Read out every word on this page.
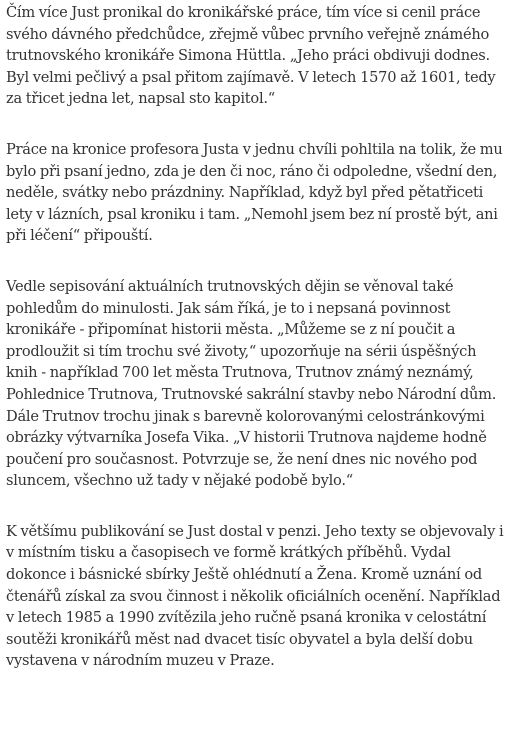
Čím více Just pronikal do kronikářské práce, tím více si cenil práce svého dávného předchůdce, zřejmě vůbec prvního veřejně známého trutnovského kronikáře Simona Hüttla. „Jeho práci obdivuji dodnes. Byl velmi pečlivý a psal přitom zajímavě. V letech 1570 až 1601, tedy za třicet jedna let, napsal sto kapitol.“

Práce na kronice profesora Justa v jednu chvíli pohltila na tolik, že mu bylo při psaní jedno, zda je den či noc, ráno či odpoledne, všední den, neděle, svátky nebo prázdniny. Například, když byl před pětatřiceti lety v lázních, psal kroniku i tam. „Nemohl jsem bez ní prostě být, ani při léčení“ připouští.

Vedle sepisování aktuálních trutnovských dějin se věnoval také pohledům do minulosti. Jak sám říká, je to i nepsaná povinnost kronikáře - připomínat historii města. „Můžeme se z ní poučit a prodloužit si tím trochu své životy,“ upozorňuje na sérii úspěšných knih - například 700 let města Trutnova, Trutnov známý neznámý, Pohlednice Trutnova, Trutnovské sakrální stavby nebo Národní dům. Dále Trutnov trochu jinak s barevně kolorovanými celostránkovými obrázky výtvarníka Josefa Vika. „V historii Trutnova najdeme hodně poučení pro současnost. Potvrzuje se, že není dnes nic nového pod sluncem, všechno už tady v nějaké podobě bylo.“

K většímu publikování se Just dostal v penzi. Jeho texty se objevovaly i v místním tisku a časopisech ve formě krátkých příběhů. Vydal dokonce i básnické sbírky Ještě ohlédnutí a Žena. Kromě uznání od čtenářů získal za svou činnost i několik oficiálních ocenění. Například v letech 1985 a 1990 zvítězila jeho ručně psaná kronika v celostátní soutěži kronikářů měst nad dvacet tisíc obyvatel a byla delší dobu vystavena v národním muzeu v Praze.
